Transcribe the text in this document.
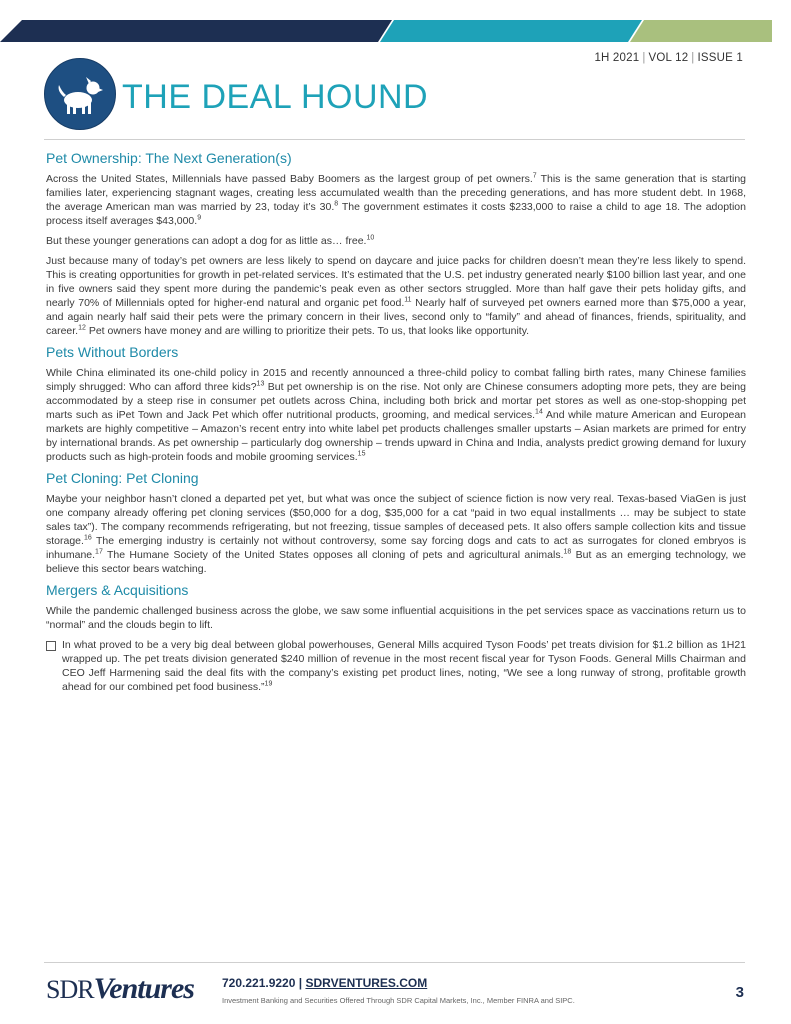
1H 2021 | VOL 12 | ISSUE 1
THE DEAL HOUND
Pet Ownership: The Next Generation(s)

Across the United States, Millennials have passed Baby Boomers as the largest group of pet owners.$^7$ This is the same generation that is starting families later, experiencing stagnant wages, creating less accumulated wealth than the preceding generations, and has more student debt. In 1968, the average American man was married by 23, today it’s 30.$^8$ The government estimates it costs $233,000 to raise a child to age 18. The adoption process itself averages $43,000.$^9$

But these younger generations can adopt a dog for as little as… free.$^{10}$

Just because many of today’s pet owners are less likely to spend on daycare and juice packs for children doesn’t mean they’re less likely to spend. This is creating opportunities for growth in pet-related services. It’s estimated that the U.S. pet industry generated nearly $100 billion last year, and one in five owners said they spent more during the pandemic’s peak even as other sectors struggled. More than half gave their pets holiday gifts, and nearly 70% of Millennials opted for higher-end natural and organic pet food.$^{11}$ Nearly half of surveyed pet owners earned more than $75,000 a year, and again nearly half said their pets were the primary concern in their lives, second only to “family” and ahead of finances, friends, spirituality, and career.$^{12}$ Pet owners have money and are willing to prioritize their pets. To us, that looks like opportunity.

Pets Without Borders

While China eliminated its one-child policy in 2015 and recently announced a three-child policy to combat falling birth rates, many Chinese families simply shrugged: Who can afford three kids?$^{13}$ But pet ownership is on the rise. Not only are Chinese consumers adopting more pets, they are being accommodated by a steep rise in consumer pet outlets across China, including both brick and mortar pet stores as well as one-stop-shopping pet marts such as iPet Town and Jack Pet which offer nutritional products, grooming, and medical services.$^{14}$ And while mature American and European markets are highly competitive – Amazon’s recent entry into white label pet products challenges smaller upstarts – Asian markets are primed for entry by international brands. As pet ownership – particularly dog ownership – trends upward in China and India, analysts predict growing demand for luxury products such as high-protein foods and mobile grooming services.$^{15}$

Pet Cloning: Pet Cloning

Maybe your neighbor hasn’t cloned a departed pet yet, but what was once the subject of science fiction is now very real. Texas-based ViaGen is just one company already offering pet cloning services ($50,000 for a dog, $35,000 for a cat “paid in two equal installments … may be subject to state sales tax”). The company recommends refrigerating, but not freezing, tissue samples of deceased pets. It also offers sample collection kits and tissue storage.$^{16}$ The emerging industry is certainly not without controversy, some say forcing dogs and cats to act as surrogates for cloned embryos is inhumane.$^{17}$ The Humane Society of the United States opposes all cloning of pets and agricultural animals.$^{18}$ But as an emerging technology, we believe this sector bears watching.

Mergers & Acquisitions

While the pandemic challenged business across the globe, we saw some influential acquisitions in the pet services space as vaccinations return us to “normal” and the clouds begin to lift.

In what proved to be a very big deal between global powerhouses, General Mills acquired Tyson Foods’ pet treats division for $1.2 billion as 1H21 wrapped up. The pet treats division generated $240 million of revenue in the most recent fiscal year for Tyson Foods. General Mills Chairman and CEO Jeff Harmening said the deal fits with the company’s existing pet product lines, noting, “We see a long runway of strong, profitable growth ahead for our combined pet food business.”$^{19}$

SDRVentures 720.221.9220 | SDRVENTURES.COM
Investment Banking and Securities Offered Through SDR Capital Markets, Inc., Member FINRA and SIPC.	3
